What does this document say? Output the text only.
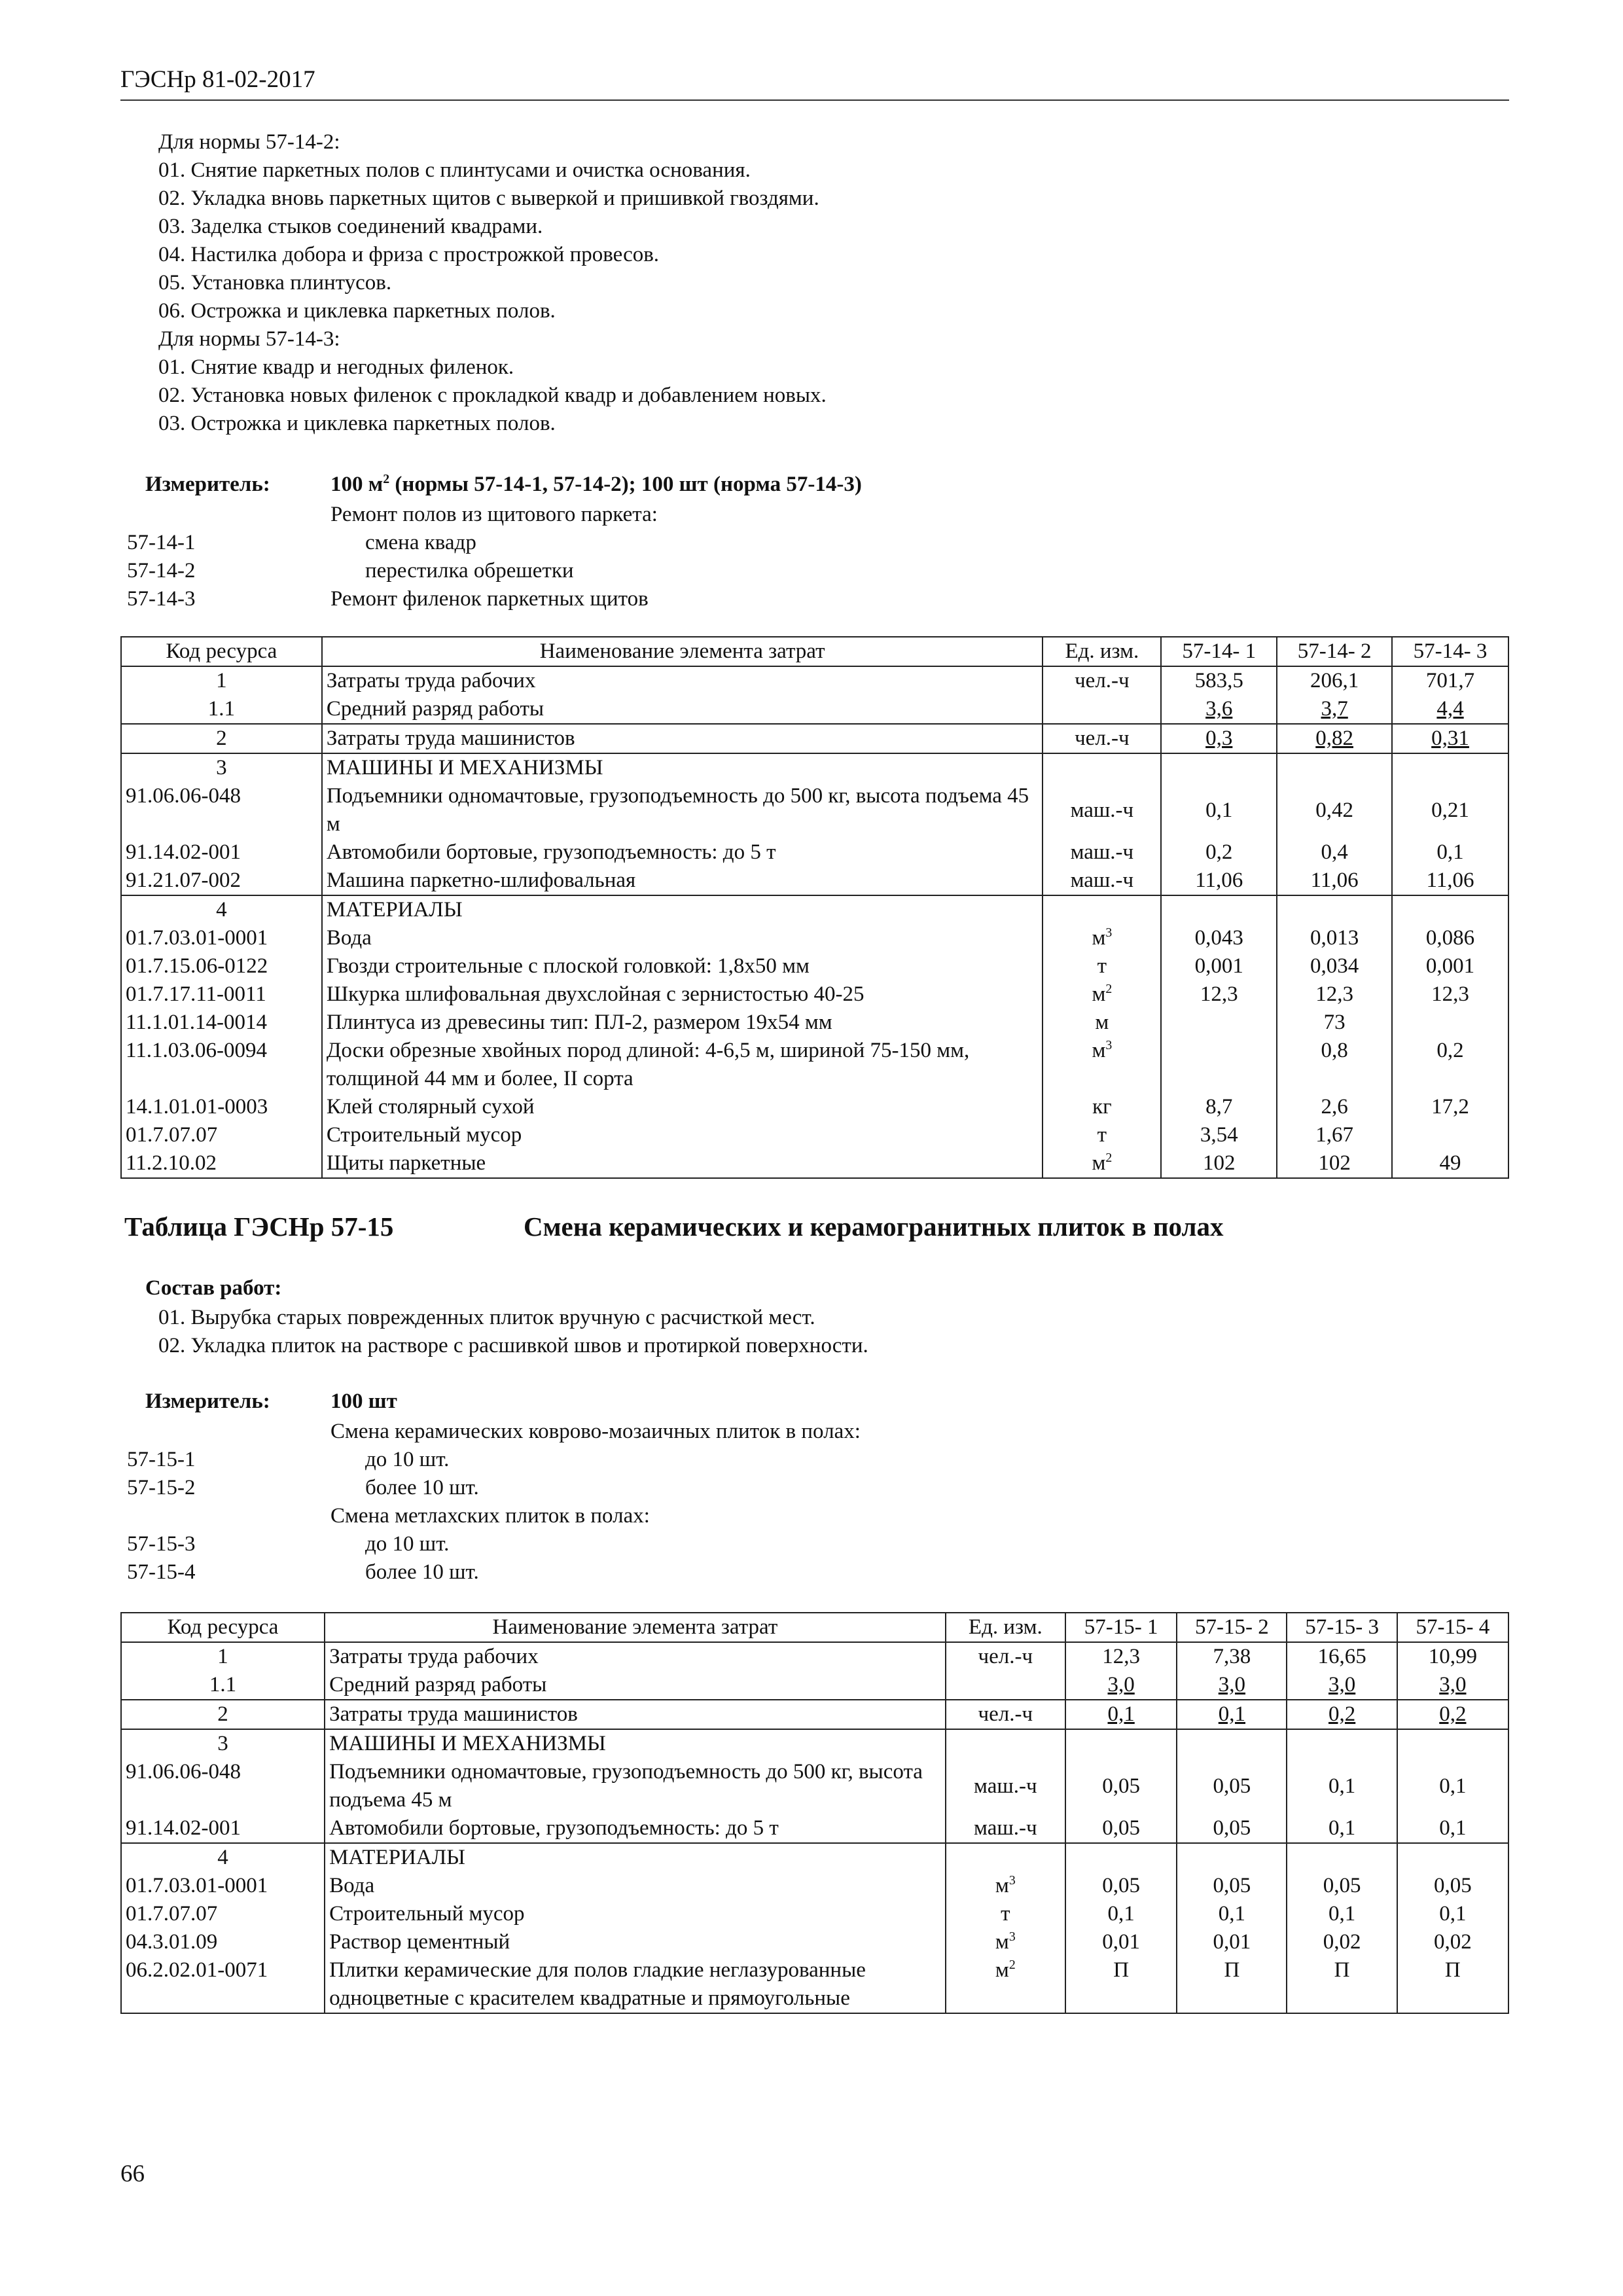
ГЭСНр 81-02-2017
Для нормы 57-14-2:
01. Снятие паркетных полов с плинтусами и очистка основания.
02. Укладка вновь паркетных щитов с выверкой и пришивкой гвоздями.
03. Заделка стыков соединений квадрами.
04. Настилка добора и фриза с прострожкой провесов.
05. Установка плинтусов.
06. Острожка и циклевка паркетных полов.
Для нормы 57-14-3:
01. Снятие квадр и негодных филенок.
02. Установка новых филенок с прокладкой квадр и добавлением новых.
03. Острожка и циклевка паркетных полов.
Измеритель:	100 $м^2$ (нормы 57-14-1, 57-14-2); 100 шт (норма 57-14-3)
Ремонт полов из щитового паркета:
57-14-1	смена квадр
57-14-2	перестилка обрешетки
57-14-3	Ремонт филенок паркетных щитов
Код ресурса	Наименование элемента затрат	Ед. изм.	57-14- 1	57-14- 2	57-14- 3
1	Затраты труда рабочих	чел.-ч	583,5	206,1	701,7
1.1	Средний разряд работы		3,6	3,7	4,4
2	Затраты труда машинистов	чел.-ч	0,3	0,82	0,31
3	МАШИНЫ И МЕХАНИЗМЫ				
91.06.06-048	Подъемники одномачтовые, грузоподъемность до 500 кг, высота подъема 45 м	маш.-ч	0,1	0,42	0,21
91.14.02-001	Автомобили бортовые, грузоподъемность: до 5 т	маш.-ч	0,2	0,4	0,1
91.21.07-002	Машина паркетно-шлифовальная	маш.-ч	11,06	11,06	11,06
4	МАТЕРИАЛЫ				
01.7.03.01-0001	Вода	$м^3$	0,043	0,013	0,086
01.7.15.06-0122	Гвозди строительные с плоской головкой: 1,8х50 мм	т	0,001	0,034	0,001
01.7.17.11-0011	Шкурка шлифовальная двухслойная с зернистостью 40-25	$м^2$	12,3	12,3	12,3
11.1.01.14-0014	Плинтуса из древесины тип: ПЛ-2, размером 19х54 мм	м		73	
11.1.03.06-0094	Доски обрезные хвойных пород длиной: 4-6,5 м, шириной 75-150 мм, толщиной 44 мм и более, II сорта	$м^3$		0,8	0,2
14.1.01.01-0003	Клей столярный сухой	кг	8,7	2,6	17,2
01.7.07.07	Строительный мусор	т	3,54	1,67	
11.2.10.02	Щиты паркетные	$м^2$	102	102	49
Таблица ГЭСНр 57-15	Смена керамических и керамогранитных плиток в полах
Состав работ:
01. Вырубка старых поврежденных плиток вручную с расчисткой мест.
02. Укладка плиток на растворе с расшивкой швов и протиркой поверхности.
Измеритель:	100 шт
Смена керамических коврово-мозаичных плиток в полах:
57-15-1	до 10 шт.
57-15-2	более 10 шт.
Смена метлахских плиток в полах:
57-15-3	до 10 шт.
57-15-4	более 10 шт.
Код ресурса	Наименование элемента затрат	Ед. изм.	57-15- 1	57-15- 2	57-15- 3	57-15- 4
1	Затраты труда рабочих	чел.-ч	12,3	7,38	16,65	10,99
1.1	Средний разряд работы		3,0	3,0	3,0	3,0
2	Затраты труда машинистов	чел.-ч	0,1	0,1	0,2	0,2
3	МАШИНЫ И МЕХАНИЗМЫ					
91.06.06-048	Подъемники одномачтовые, грузоподъемность до 500 кг, высота подъема 45 м	маш.-ч	0,05	0,05	0,1	0,1
91.14.02-001	Автомобили бортовые, грузоподъемность: до 5 т	маш.-ч	0,05	0,05	0,1	0,1
4	МАТЕРИАЛЫ					
01.7.03.01-0001	Вода	$м^3$	0,05	0,05	0,05	0,05
01.7.07.07	Строительный мусор	т	0,1	0,1	0,1	0,1
04.3.01.09	Раствор цементный	$м^3$	0,01	0,01	0,02	0,02
06.2.02.01-0071	Плитки керамические для полов гладкие неглазурованные одноцветные с красителем квадратные и прямоугольные	$м^2$	П	П	П	П
66
